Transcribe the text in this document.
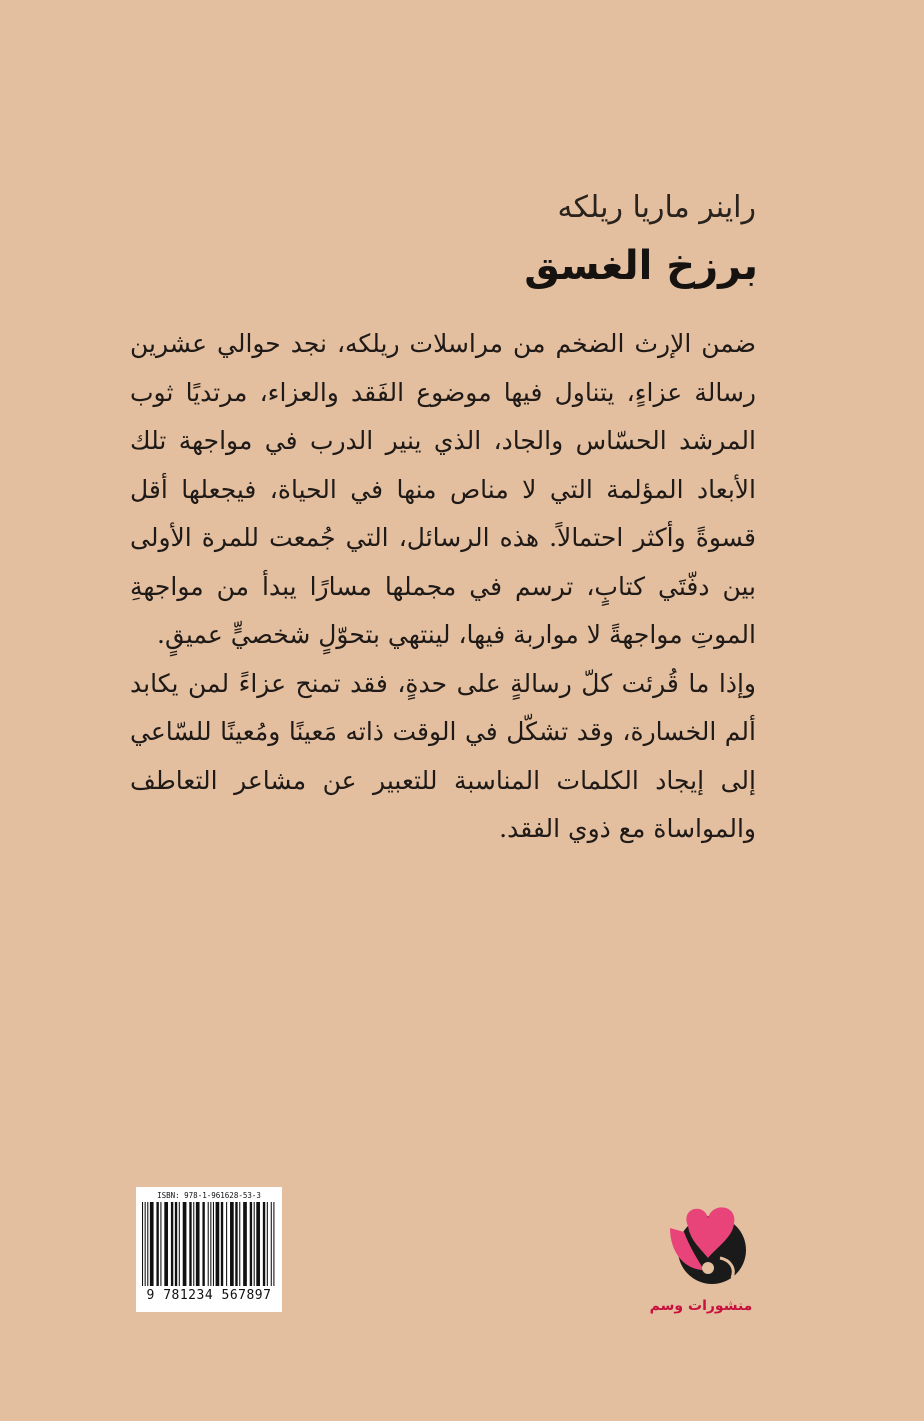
راينر ماريا ريلكه
برزخ الغسق

ضمن الإرث الضخم من مراسلات ريلكه، نجد حوالي عشرين رسالة عزاءٍ، يتناول فيها موضوع الفَقد والعزاء، مرتديًا ثوب المرشد الحسّاس والجاد، الذي ينير الدرب في مواجهة تلك الأبعاد المؤلمة التي لا مناص منها في الحياة، فيجعلها أقل قسوةً وأكثر احتمالاً. هذه الرسائل، التي جُمعت للمرة الأولى بين دفّتَي كتابٍ، ترسم في مجملها مسارًا يبدأ من مواجهةِ الموتِ مواجهةً لا مواربة فيها، لينتهي بتحوّلٍ شخصيٍّ عميقٍ.

وإذا ما قُرئت كلّ رسالةٍ على حدةٍ، فقد تمنح عزاءً لمن يكابد ألم الخسارة، وقد تشكّل في الوقت ذاته مَعينًا ومُعينًا للسّاعي إلى إيجاد الكلمات المناسبة للتعبير عن مشاعر التعاطف والمواساة مع ذوي الفقد.

ISBN: 978-1-961628-53-3
9 781234 567897
منشورات وسم
